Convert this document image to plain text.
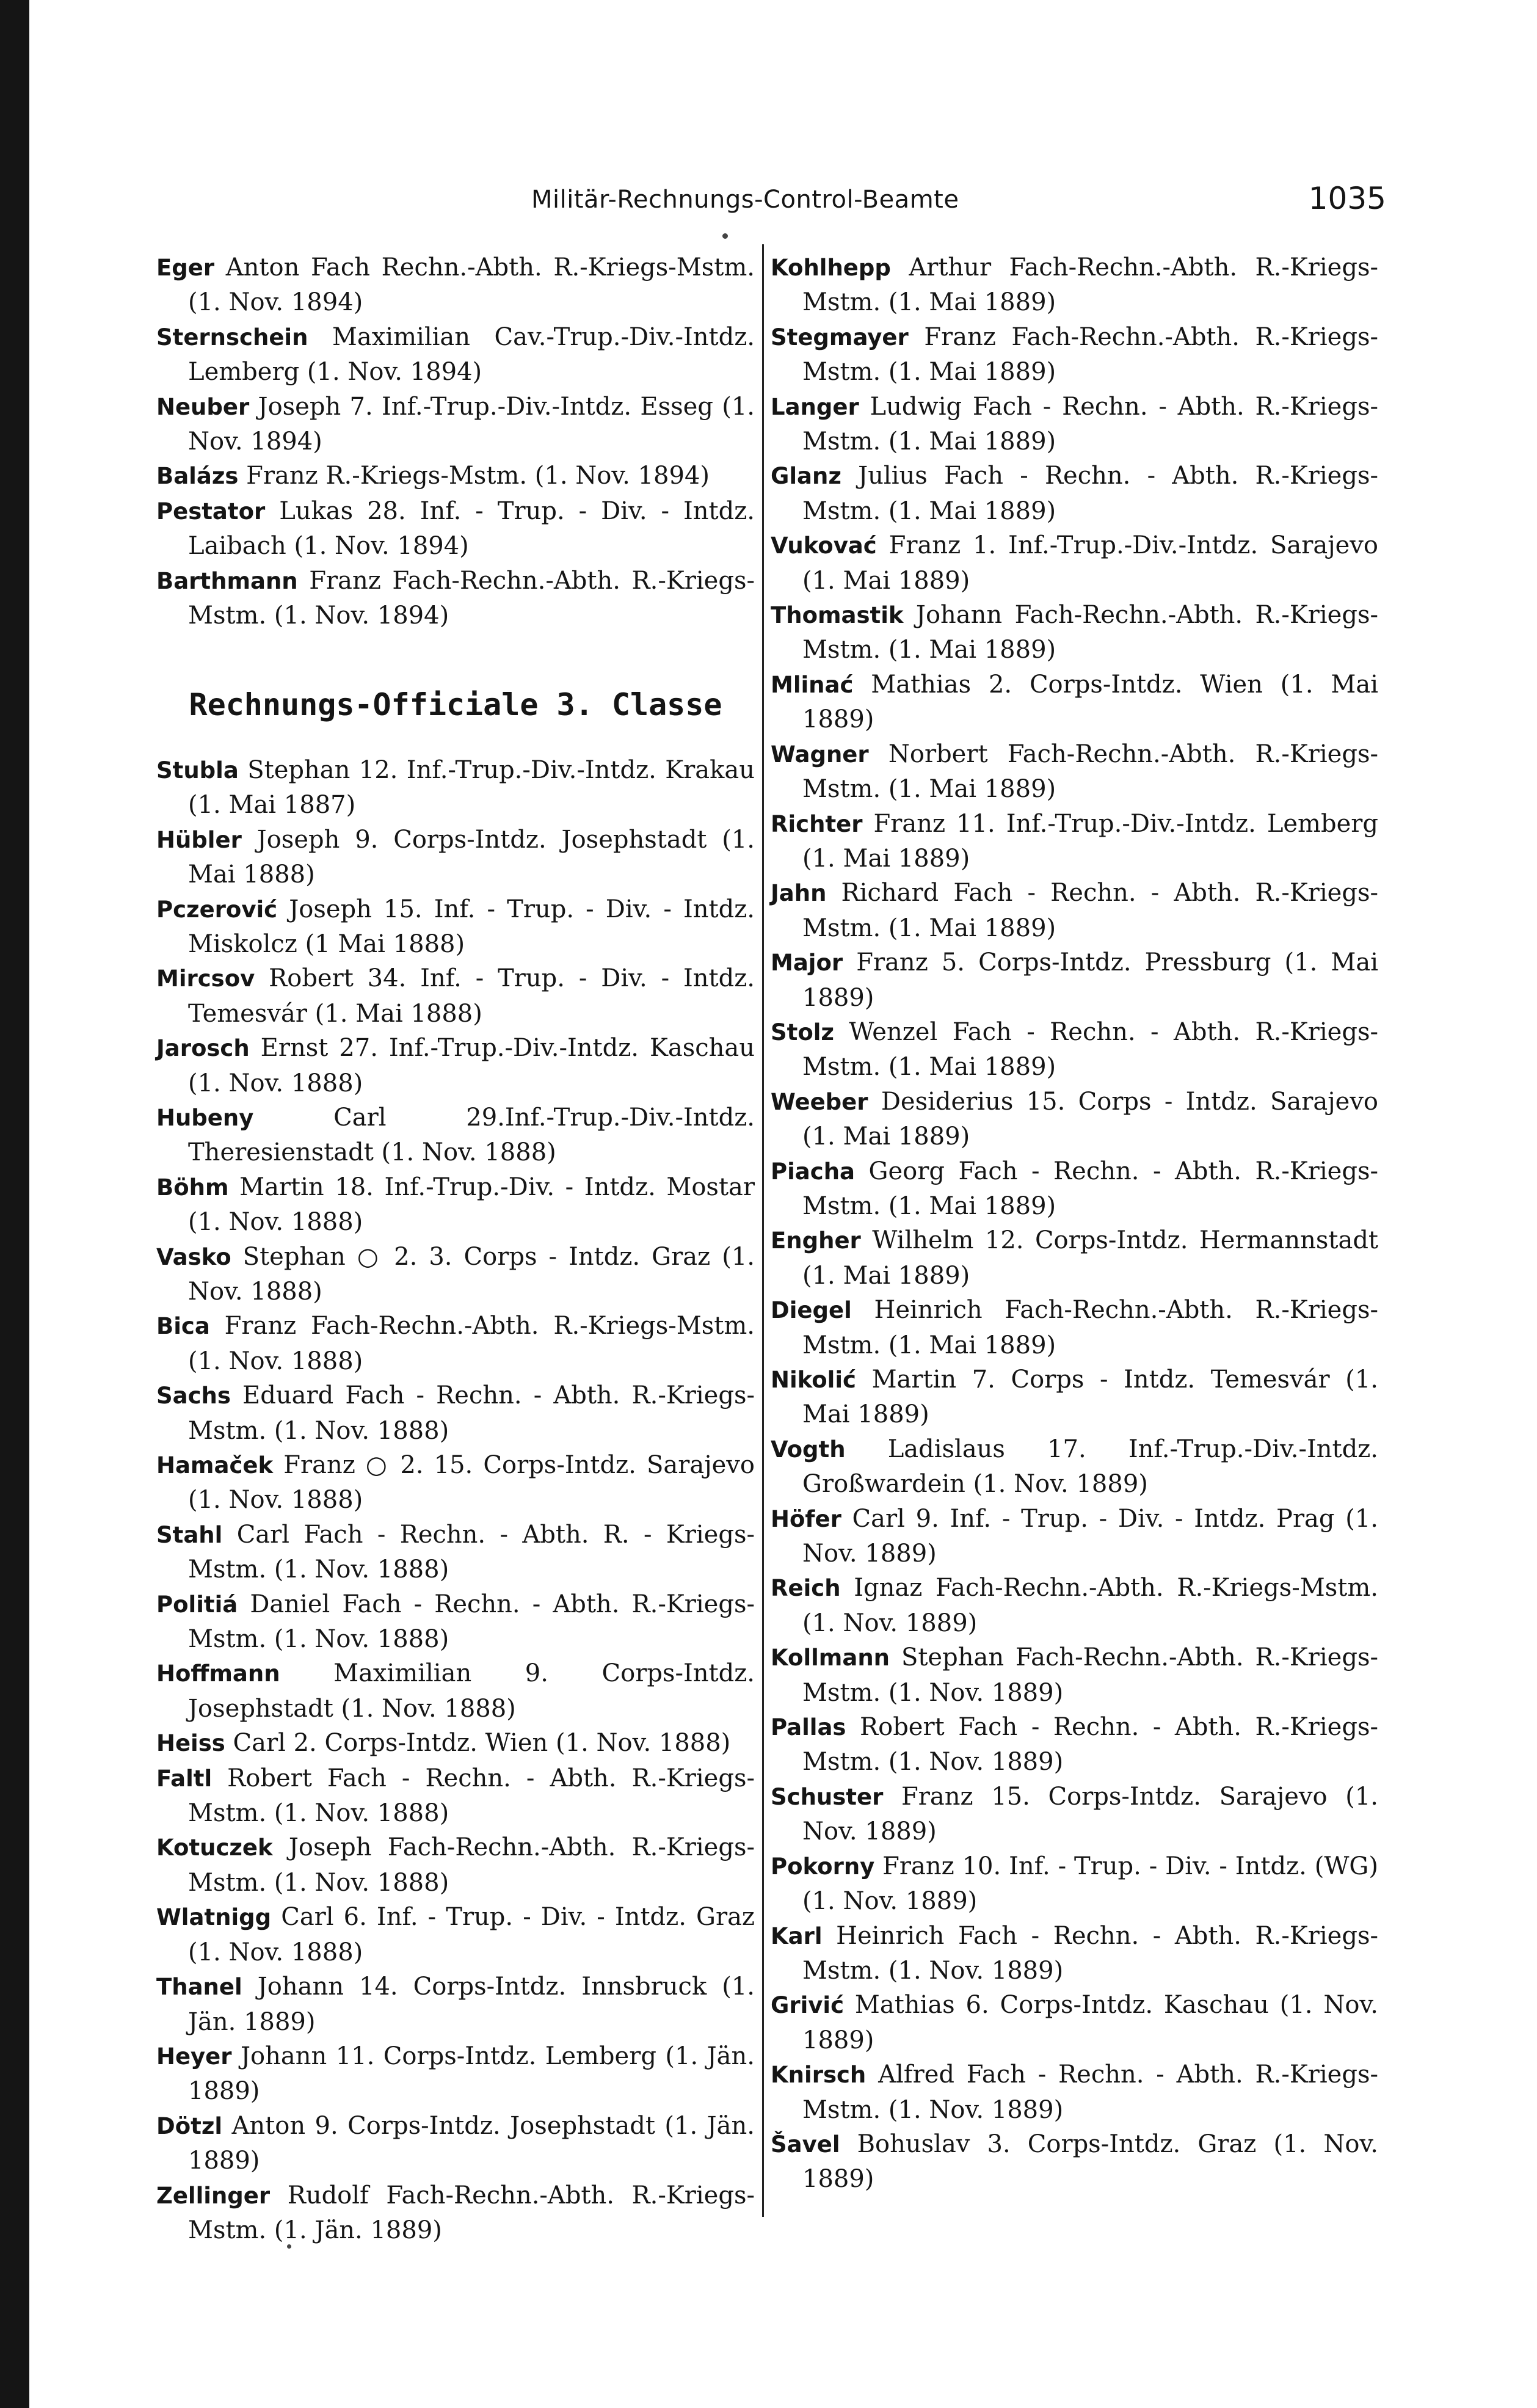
Militär-Rechnungs-Control-Beamte	1035
Eger Anton Fach Rechn.-Abth. R.-Kriegs-Mstm. (1. Nov. 1894)
Sternschein Maximilian Cav.-Trup.-Div.-Intdz. Lemberg (1. Nov. 1894)
Neuber Joseph 7. Inf.-Trup.-Div.-Intdz. Esseg (1. Nov. 1894)
Balázs Franz R.-Kriegs-Mstm. (1. Nov. 1894)
Pestator Lukas 28. Inf. - Trup. - Div. - Intdz. Laibach (1. Nov. 1894)
Barthmann Franz Fach-Rechn.-Abth. R.-Kriegs-Mstm. (1. Nov. 1894)
Rechnungs-Officiale 3. Classe
Stubla Stephan 12. Inf.-Trup.-Div.-Intdz. Krakau (1. Mai 1887)
Hübler Joseph 9. Corps-Intdz. Josephstadt (1. Mai 1888)
Pczerović Joseph 15. Inf. - Trup. - Div. - Intdz. Miskolcz (1 Mai 1888)
Mircsov Robert 34. Inf. - Trup. - Div. - Intdz. Temesvár (1. Mai 1888)
Jarosch Ernst 27. Inf.-Trup.-Div.-Intdz. Kaschau (1. Nov. 1888)
Hubeny Carl 29.Inf.-Trup.-Div.-Intdz. Theresienstadt (1. Nov. 1888)
Böhm Martin 18. Inf.-Trup.-Div. - Intdz. Mostar (1. Nov. 1888)
Vasko Stephan ○ 2. 3. Corps - Intdz. Graz (1. Nov. 1888)
Bica Franz Fach-Rechn.-Abth. R.-Kriegs-Mstm. (1. Nov. 1888)
Sachs Eduard Fach - Rechn. - Abth. R.-Kriegs-Mstm. (1. Nov. 1888)
Hamaček Franz ○ 2. 15. Corps-Intdz. Sarajevo (1. Nov. 1888)
Stahl Carl Fach - Rechn. - Abth. R. - Kriegs-Mstm. (1. Nov. 1888)
Politiá Daniel Fach - Rechn. - Abth. R.-Kriegs-Mstm. (1. Nov. 1888)
Hoffmann Maximilian 9. Corps-Intdz. Josephstadt (1. Nov. 1888)
Heiss Carl 2. Corps-Intdz. Wien (1. Nov. 1888)
Faltl Robert Fach - Rechn. - Abth. R.-Kriegs-Mstm. (1. Nov. 1888)
Kotuczek Joseph Fach-Rechn.-Abth. R.-Kriegs-Mstm. (1. Nov. 1888)
Wlatnigg Carl 6. Inf. - Trup. - Div. - Intdz. Graz (1. Nov. 1888)
Thanel Johann 14. Corps-Intdz. Innsbruck (1. Jän. 1889)
Heyer Johann 11. Corps-Intdz. Lemberg (1. Jän. 1889)
Dötzl Anton 9. Corps-Intdz. Josephstadt (1. Jän. 1889)
Zellinger Rudolf Fach-Rechn.-Abth. R.-Kriegs-Mstm. (1. Jän. 1889)
Kohlhepp Arthur Fach-Rechn.-Abth. R.-Kriegs-Mstm. (1. Mai 1889)
Stegmayer Franz Fach-Rechn.-Abth. R.-Kriegs-Mstm. (1. Mai 1889)
Langer Ludwig Fach - Rechn. - Abth. R.-Kriegs-Mstm. (1. Mai 1889)
Glanz Julius Fach - Rechn. - Abth. R.-Kriegs-Mstm. (1. Mai 1889)
Vukovać Franz 1. Inf.-Trup.-Div.-Intdz. Sarajevo (1. Mai 1889)
Thomastik Johann Fach-Rechn.-Abth. R.-Kriegs-Mstm. (1. Mai 1889)
Mlinać Mathias 2. Corps-Intdz. Wien (1. Mai 1889)
Wagner Norbert Fach-Rechn.-Abth. R.-Kriegs-Mstm. (1. Mai 1889)
Richter Franz 11. Inf.-Trup.-Div.-Intdz. Lemberg (1. Mai 1889)
Jahn Richard Fach - Rechn. - Abth. R.-Kriegs-Mstm. (1. Mai 1889)
Major Franz 5. Corps-Intdz. Pressburg (1. Mai 1889)
Stolz Wenzel Fach - Rechn. - Abth. R.-Kriegs-Mstm. (1. Mai 1889)
Weeber Desiderius 15. Corps - Intdz. Sarajevo (1. Mai 1889)
Piacha Georg Fach - Rechn. - Abth. R.-Kriegs-Mstm. (1. Mai 1889)
Engher Wilhelm 12. Corps-Intdz. Hermannstadt (1. Mai 1889)
Diegel Heinrich Fach-Rechn.-Abth. R.-Kriegs-Mstm. (1. Mai 1889)
Nikolić Martin 7. Corps - Intdz. Temesvár (1. Mai 1889)
Vogth Ladislaus 17. Inf.-Trup.-Div.-Intdz. Großwardein (1. Nov. 1889)
Höfer Carl 9. Inf. - Trup. - Div. - Intdz. Prag (1. Nov. 1889)
Reich Ignaz Fach-Rechn.-Abth. R.-Kriegs-Mstm. (1. Nov. 1889)
Kollmann Stephan Fach-Rechn.-Abth. R.-Kriegs-Mstm. (1. Nov. 1889)
Pallas Robert Fach - Rechn. - Abth. R.-Kriegs-Mstm. (1. Nov. 1889)
Schuster Franz 15. Corps-Intdz. Sarajevo (1. Nov. 1889)
Pokorny Franz 10. Inf. - Trup. - Div. - Intdz. (WG) (1. Nov. 1889)
Karl Heinrich Fach - Rechn. - Abth. R.-Kriegs-Mstm. (1. Nov. 1889)
Grivić Mathias 6. Corps-Intdz. Kaschau (1. Nov. 1889)
Knirsch Alfred Fach - Rechn. - Abth. R.-Kriegs-Mstm. (1. Nov. 1889)
Šavel Bohuslav 3. Corps-Intdz. Graz (1. Nov. 1889)
